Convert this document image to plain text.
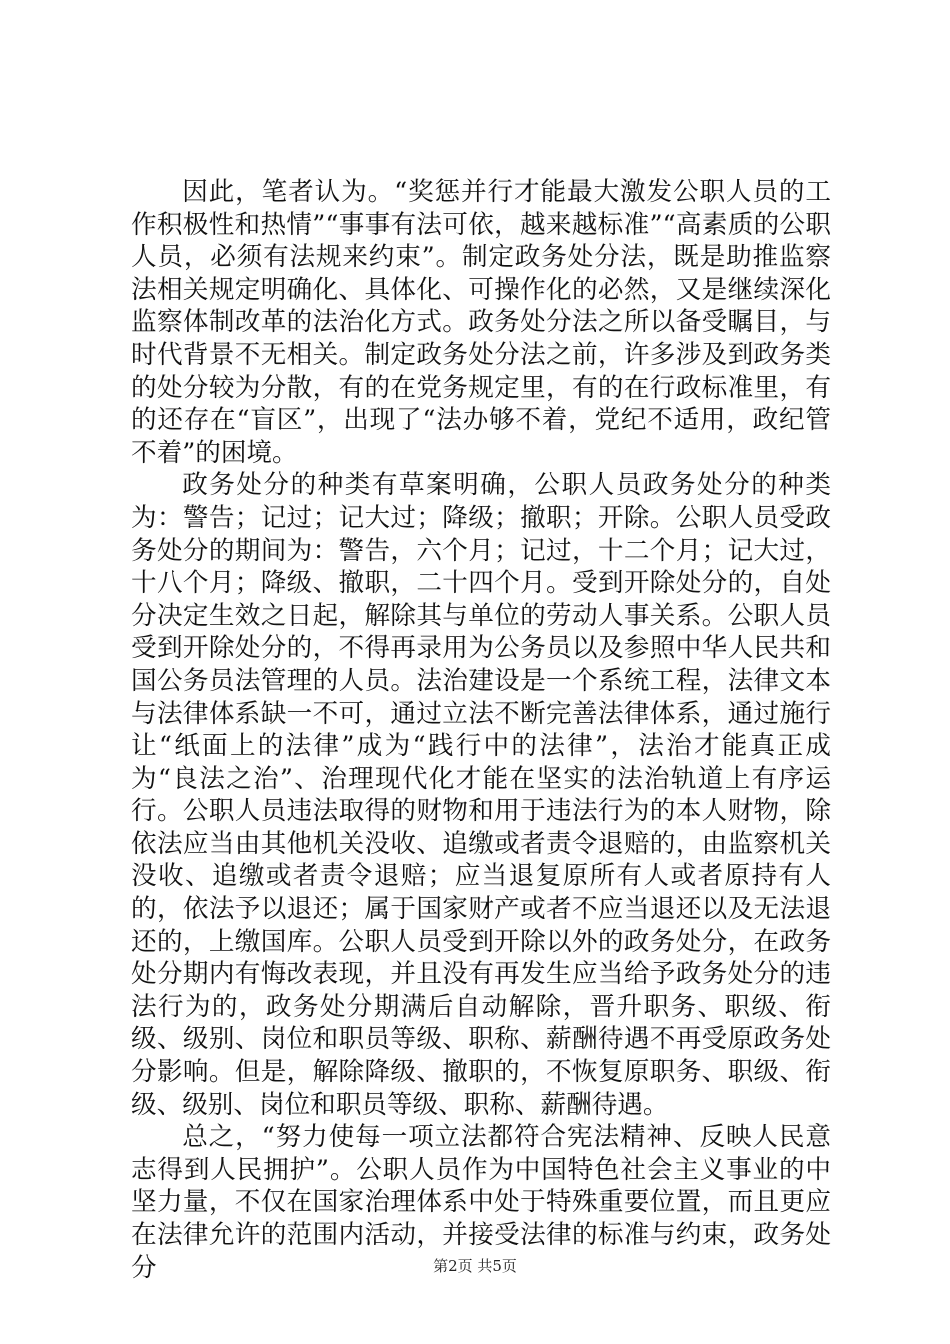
因此，笔者认为。“奖惩并行才能最大激发公职人员的工作积极性和热情”“事事有法可依，越来越标准”“高素质的公职人员，必须有法规来约束”。制定政务处分法，既是助推监察法相关规定明确化、具体化、可操作化的必然，又是继续深化监察体制改革的法治化方式。政务处分法之所以备受瞩目，与时代背景不无相关。制定政务处分法之前，许多涉及到政务类的处分较为分散，有的在党务规定里，有的在行政标准里，有的还存在“盲区”，出现了“法办够不着，党纪不适用，政纪管不着”的困境。

政务处分的种类有草案明确，公职人员政务处分的种类为：警告；记过；记大过；降级；撤职；开除。公职人员受政务处分的期间为：警告，六个月；记过，十二个月；记大过，十八个月；降级、撤职，二十四个月。受到开除处分的，自处分决定生效之日起，解除其与单位的劳动人事关系。公职人员受到开除处分的，不得再录用为公务员以及参照中华人民共和国公务员法管理的人员。法治建设是一个系统工程，法律文本与法律体系缺一不可，通过立法不断完善法律体系，通过施行让“纸面上的法律”成为“践行中的法律”，法治才能真正成为“良法之治”、治理现代化才能在坚实的法治轨道上有序运行。公职人员违法取得的财物和用于违法行为的本人财物，除依法应当由其他机关没收、追缴或者责令退赔的，由监察机关没收、追缴或者责令退赔；应当退复原所有人或者原持有人的，依法予以退还；属于国家财产或者不应当退还以及无法退还的，上缴国库。公职人员受到开除以外的政务处分，在政务处分期内有悔改表现，并且没有再发生应当给予政务处分的违法行为的，政务处分期满后自动解除，晋升职务、职级、衔级、级别、岗位和职员等级、职称、薪酬待遇不再受原政务处分影响。但是，解除降级、撤职的，不恢复原职务、职级、衔级、级别、岗位和职员等级、职称、薪酬待遇。

总之，“努力使每一项立法都符合宪法精神、反映人民意志得到人民拥护”。公职人员作为中国特色社会主义事业的中坚力量，不仅在国家治理体系中处于特殊重要位置，而且更应在法律允许的范围内活动，并接受法律的标准与约束，政务处分	第2页 共5页
